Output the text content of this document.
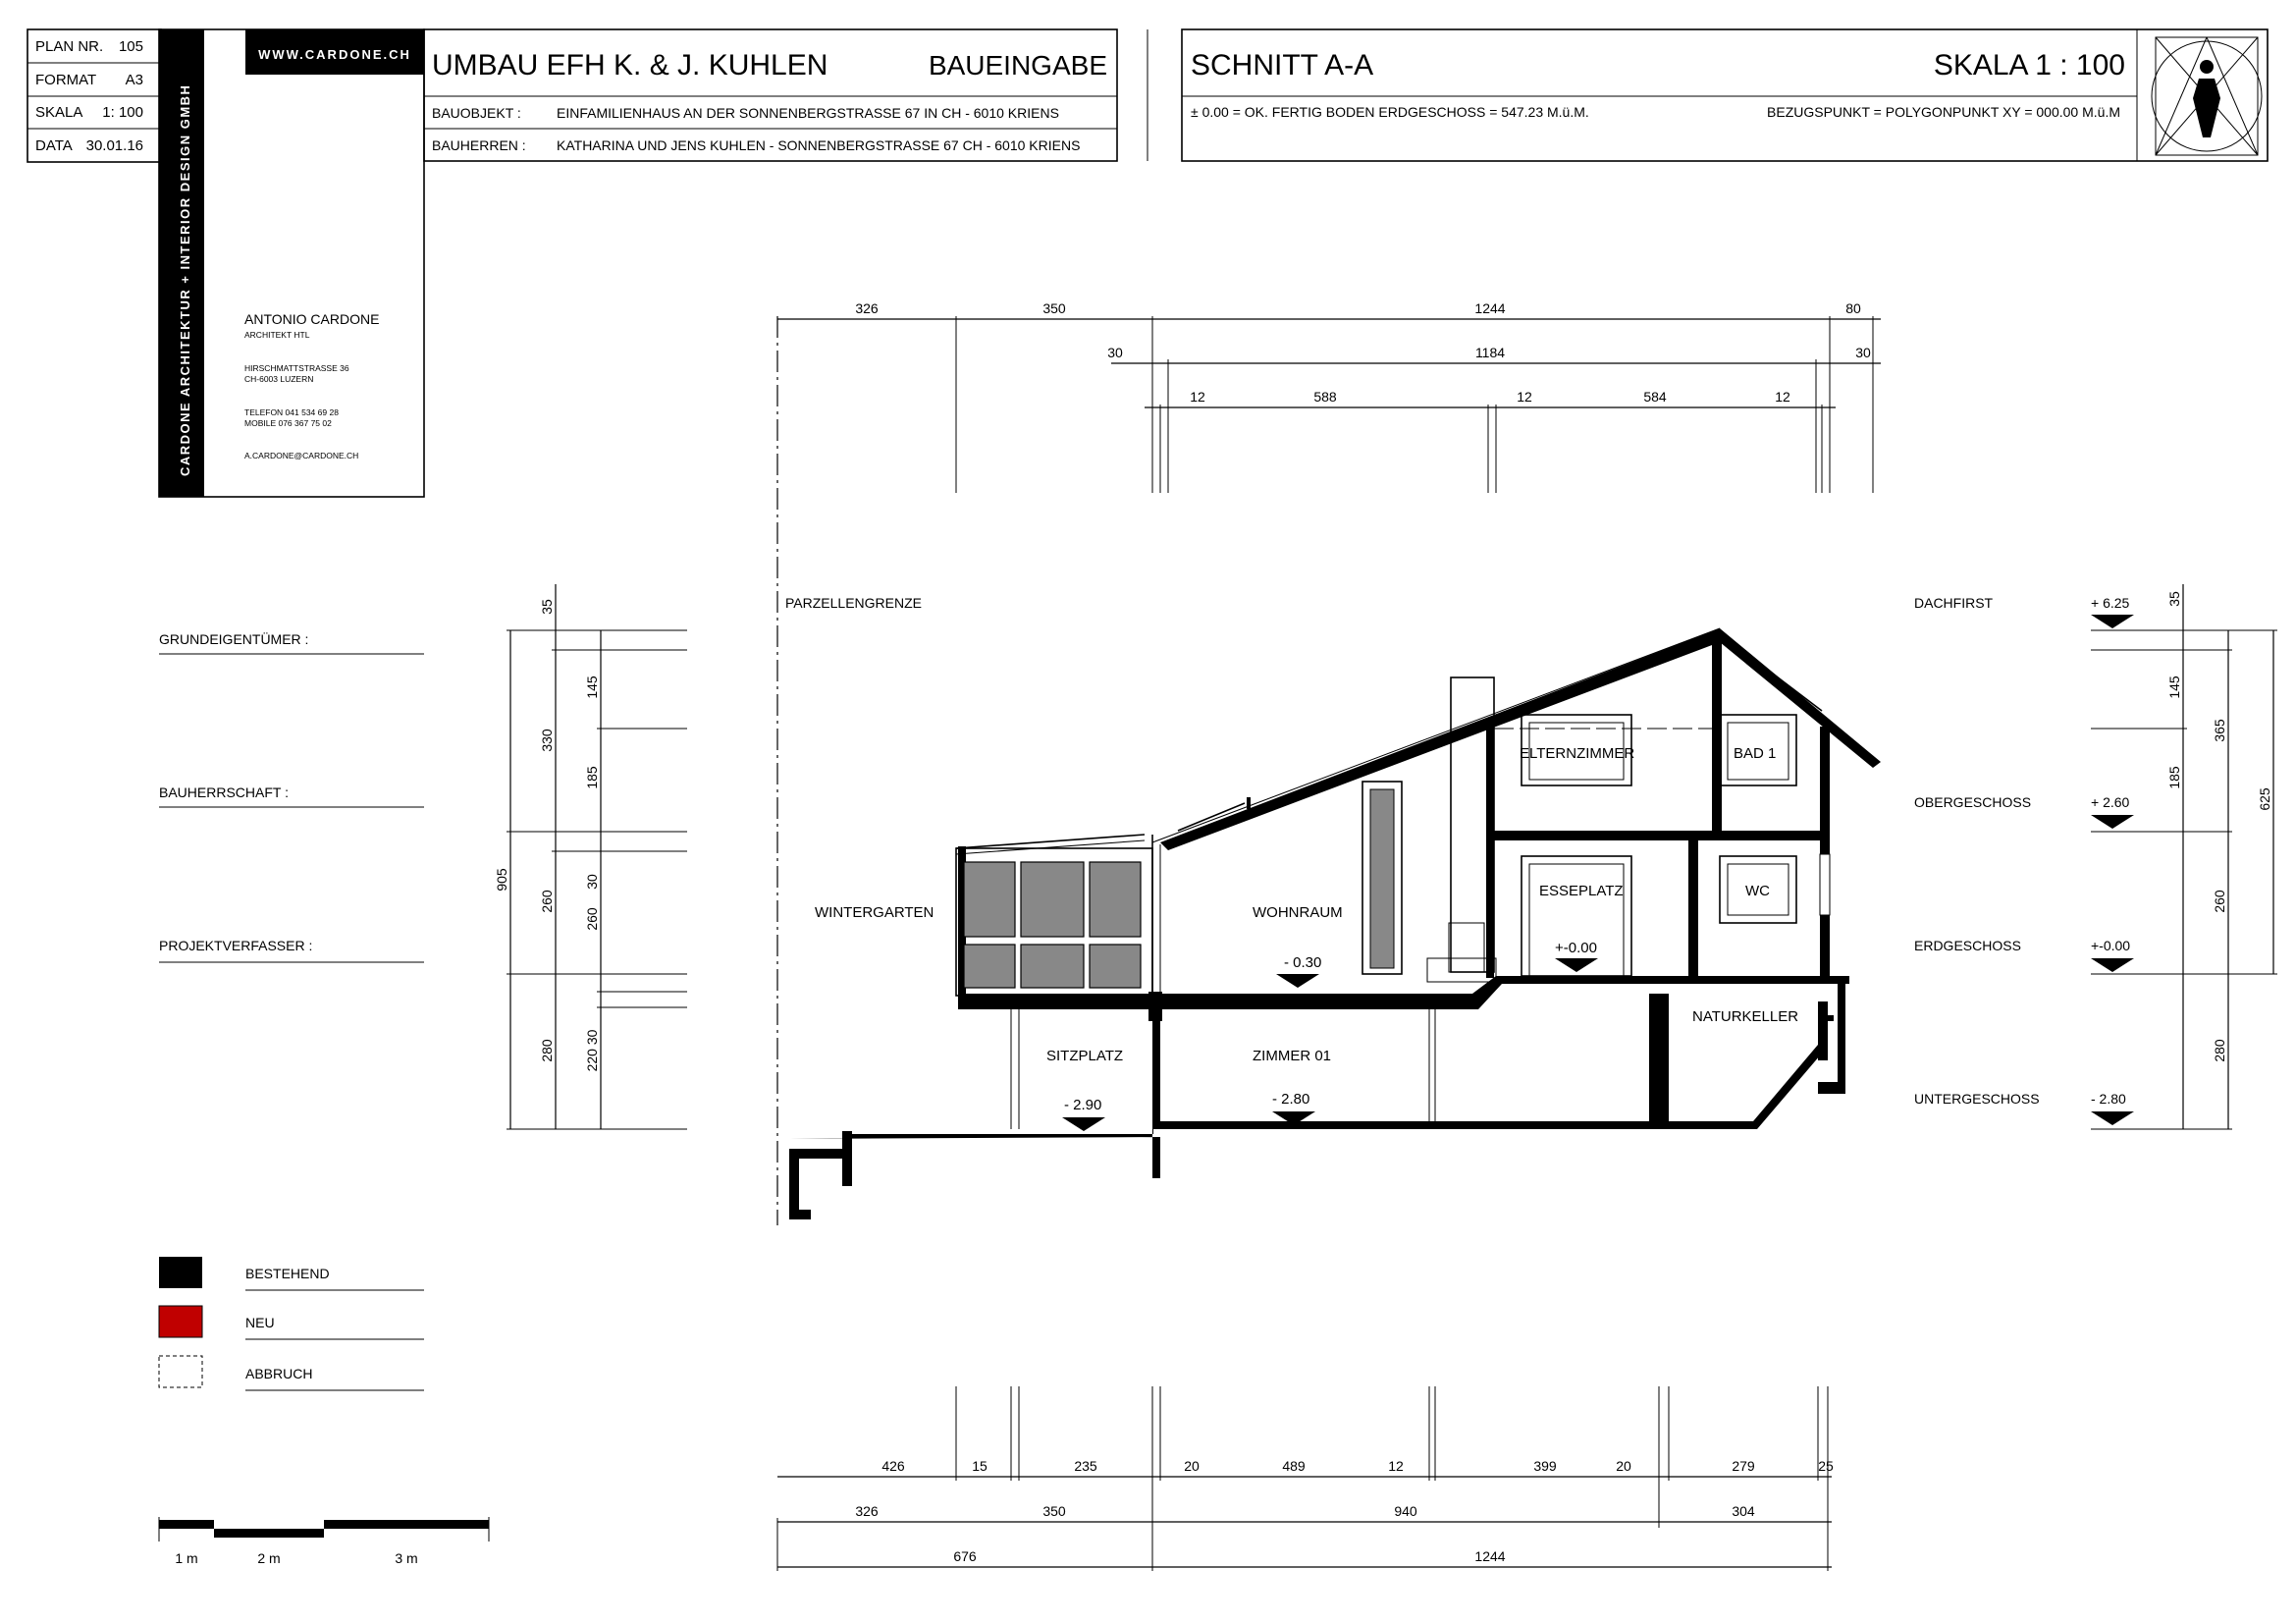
PLAN NR. 105
FORMAT A3
SKALA 1: 100
DATA 30.01.16	CARDONE ARCHITEKTUR + INTERIOR DESIGN GMBH
WWW.CARDONE.CH
ANTONIO CARDONE
ARCHITEKT HTL
HIRSCHMATTSTRASSE 36
CH-6003 LUZERN
TELEFON 041 534 69 28
MOBILE 076 367 75 02
A.CARDONE@CARDONE.CH
UMBAU EFH K. & J. KUHLEN	BAUEINGABE
BAUOBJEKT :	EINFAMILIENHAUS AN DER SONNENBERGSTRASSE 67 IN CH - 6010 KRIENS
BAUHERREN : KATHARINA UND JENS KUHLEN - SONNENBERGSTRASSE 67 CH - 6010 KRIENS
SCHNITT A-A	SKALA 1 : 100
± 0.00 = OK. FERTIG BODEN ERDGESCHOSS = 547.23 M.ü.M.	BEZUGSPUNKT = POLYGONPUNKT XY = 000.00 M.ü.M
GRUNDEIGENTÜMER :
BAUHERRSCHAFT :
PROJEKTVERFASSER :
BESTEHEND
NEU
ABBRUCH
1 m	2 m	3 m
PARZELLENGRENZE
326	350	1244	80
30	1184	30
12	588	12	584	12
35
145
185
30
260
220 30
330
260
280
905
35
145
185
260
280
365
625
DACHFIRST	+ 6.25
OBERGESCHOSS	+ 2.60
ERDGESCHOSS	+-0.00
UNTERGESCHOSS	- 2.80
WINTERGARTEN	WOHNRAUM
ELTERNZIMMER	BAD 1
ESSEPLATZ	WC
SITZPLATZ	ZIMMER 01
NATURKELLER
- 0.30
+-0.00
- 2.90	- 2.80
426	15	235	20	489	12	399	20	279	25
326	350	940	304
676	1244
